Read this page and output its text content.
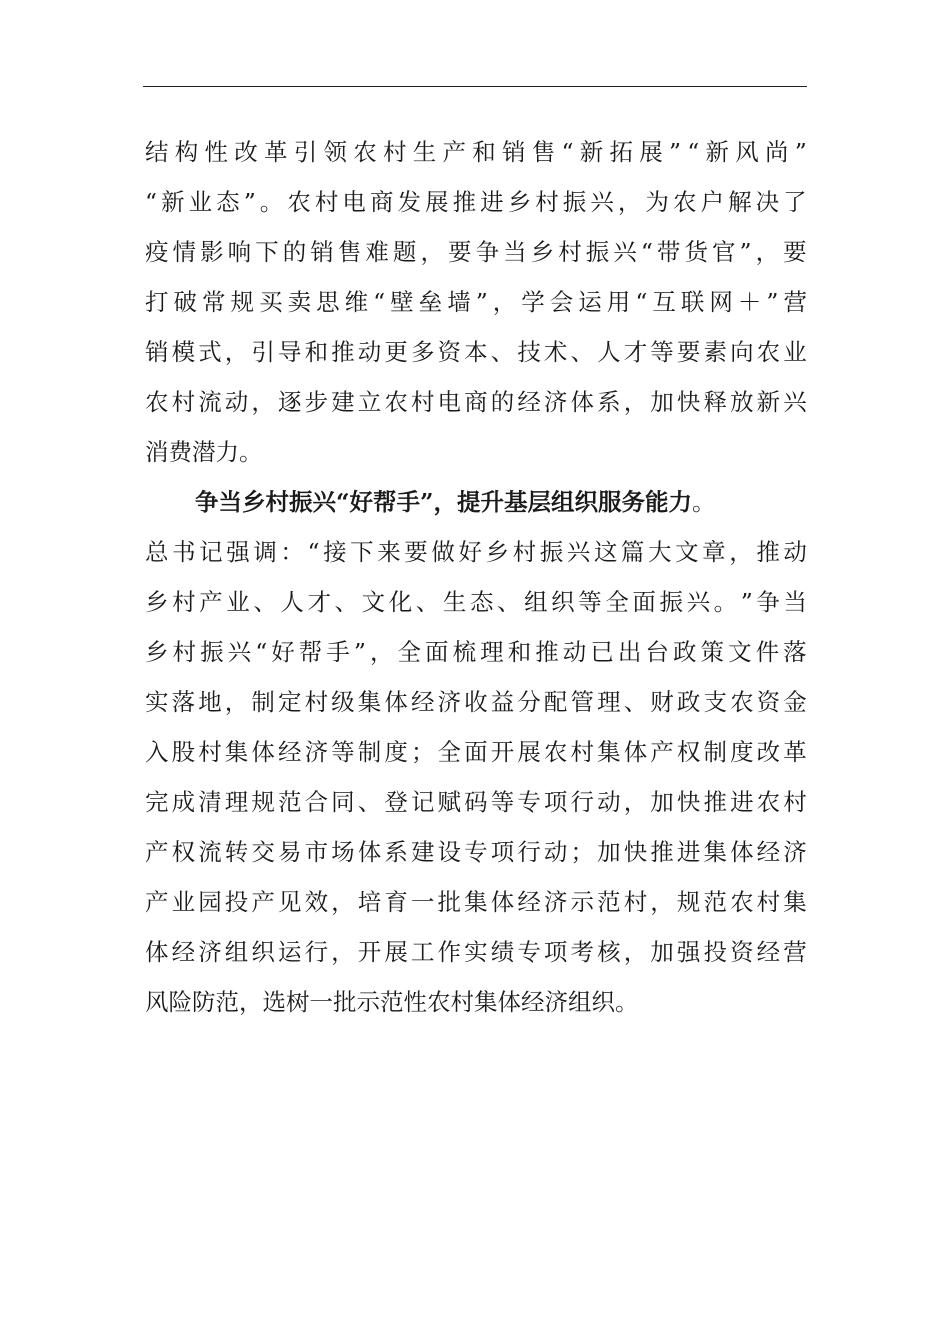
结 构 性 改 革 引 领 农 村 生 产 和 销 售 “ 新 拓 展 ” “ 新 风 尚 ”
“ 新 业 态 ” 。 农 村 电 商 发 展 推 进 乡 村 振 兴 ， 为 农 户 解 决 了
疫 情 影 响 下 的 销 售 难 题 ， 要 争 当 乡 村 振 兴 “ 带 货 官 ” ， 要
打 破 常 规 买 卖 思 维 “ 壁 垒 墙 ” ， 学 会 运 用 “ 互 联 网 ＋ ” 营
销 模 式 ， 引 导 和 推 动 更 多 资 本 、 技 术 、 人 才 等 要 素 向 农 业
农 村 流 动 ， 逐 步 建 立 农 村 电 商 的 经 济 体 系 ， 加 快 释 放 新 兴
消费潜力。
争当乡村振兴“好帮手”，提升基层组织服务能力 。
总 书 记 强 调 ： “ 接 下 来 要 做 好 乡 村 振 兴 这 篇 大 文 章 ， 推 动
乡 村 产 业 、 人 才 、 文 化 、 生 态 、 组 织 等 全 面 振 兴 。 ” 争 当
乡 村 振 兴 “ 好 帮 手 ” ， 全 面 梳 理 和 推 动 已 出 台 政 策 文 件 落
实 落 地 ， 制 定 村 级 集 体 经 济 收 益 分 配 管 理 、 财 政 支 农 资 金
入 股 村 集 体 经 济 等 制 度 ； 全 面 开 展 农 村 集 体 产 权 制 度 改 革
完 成 清 理 规 范 合 同 、 登 记 赋 码 等 专 项 行 动 ， 加 快 推 进 农 村
产 权 流 转 交 易 市 场 体 系 建 设 专 项 行 动 ； 加 快 推 进 集 体 经 济
产 业 园 投 产 见 效 ， 培 育 一 批 集 体 经 济 示 范 村 ， 规 范 农 村 集
体 经 济 组 织 运 行 ， 开 展 工 作 实 绩 专 项 考 核 ， 加 强 投 资 经 营
风险防范，选树一批示范性农村集体经济组织。
